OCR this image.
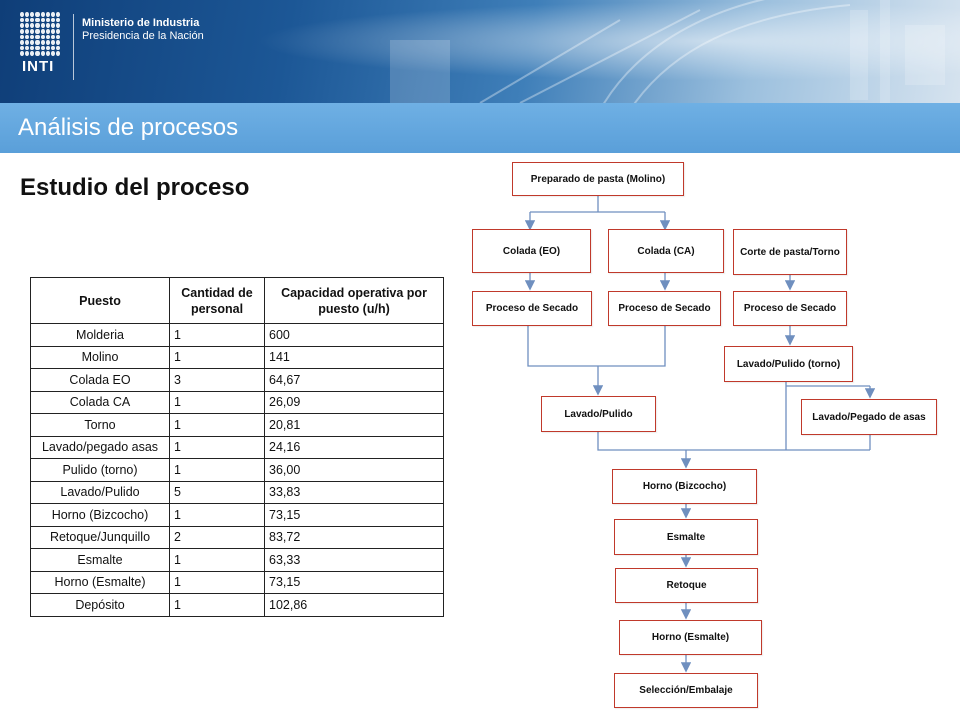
INTI
Ministerio de Industria
Presidencia de la Nación
Análisis de procesos
Estudio del proceso
Puesto	Cantidad de personal	Capacidad operativa por puesto (u/h)
Molderia	1	600
Molino	1	141
Colada EO	3	64,67
Colada CA	1	26,09
Torno	1	20,81
Lavado/pegado asas	1	24,16
Pulido (torno)	1	36,00
Lavado/Pulido	5	33,83
Horno (Bizcocho)	1	73,15
Retoque/Junquillo	2	83,72
Esmalte	1	63,33
Horno (Esmalte)	1	73,15
Depósito	1	102,86
Preparado de pasta (Molino)
Colada (EO)	Colada (CA)	Corte de pasta/Torno
Proceso de Secado	Proceso de Secado	Proceso de Secado
Lavado/Pulido (torno)
Lavado/Pulido	Lavado/Pegado de asas
Horno (Bizcocho)
Esmalte
Retoque
Horno (Esmalte)
Selección/Embalaje
